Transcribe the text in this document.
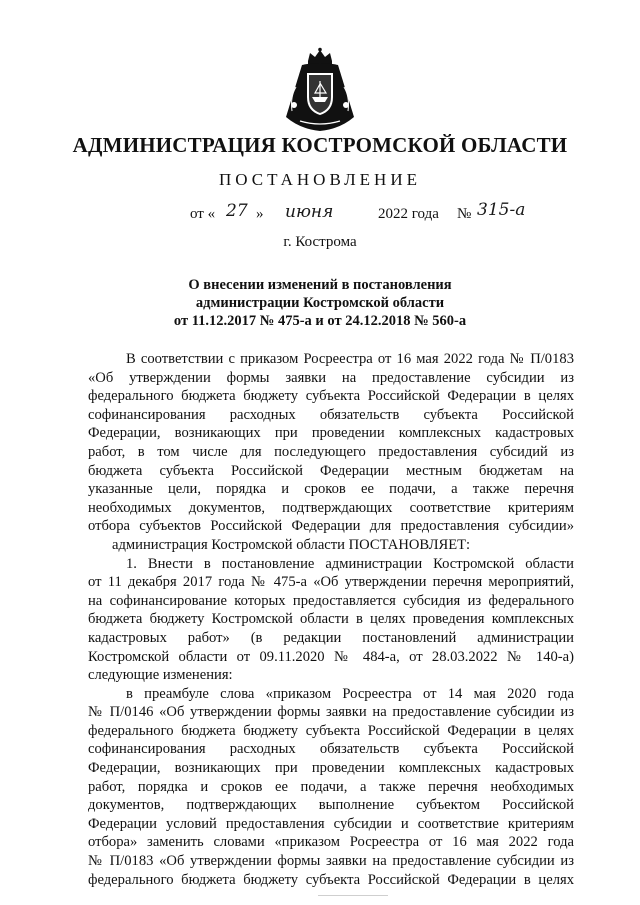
АДМИНИСТРАЦИЯ КОСТРОМСКОЙ ОБЛАСТИ
ПОСТАНОВЛЕНИЕ
от « 27 » июня	2022 года № 315-а
г. Кострома
О внесении изменений в постановления
администрации Костромской области
от 11.12.2017 № 475-а и от 24.12.2018 № 560-а

В соответствии с приказом Росреестра от 16 мая 2022 года № П/0183

«Об утверждении формы заявки на предоставление субсидии из

федерального бюджета бюджету субъекта Российской Федерации в целях

софинансирования расходных обязательств субъекта Российской

Федерации, возникающих при проведении комплексных кадастровых

работ, в том числе для последующего предоставления субсидий из

бюджета субъекта Российской Федерации местным бюджетам на

указанные цели, порядка и сроков ее подачи, а также перечня

необходимых документов, подтверждающих соответствие критериям

отбора субъектов Российской Федерации для предоставления субсидии»

администрация Костромской области ПОСТАНОВЛЯЕТ:

1. Внести в постановление администрации Костромской области

от 11 декабря 2017 года № 475-а «Об утверждении перечня мероприятий,

на софинансирование которых предоставляется субсидия из федерального

бюджета бюджету Костромской области в целях проведения комплексных

кадастровых работ» (в редакции постановлений администрации

Костромской области от 09.11.2020 № 484-а, от 28.03.2022 № 140-а)

следующие изменения:

в преамбуле слова «приказом Росреестра от 14 мая 2020 года

№ П/0146 «Об утверждении формы заявки на предоставление субсидии из

федерального бюджета бюджету субъекта Российской Федерации в целях

софинансирования расходных обязательств субъекта Российской

Федерации, возникающих при проведении комплексных кадастровых

работ, порядка и сроков ее подачи, а также перечня необходимых

документов, подтверждающих выполнение субъектом Российской

Федерации условий предоставления субсидии и соответствие критериям

отбора» заменить словами «приказом Росреестра от 16 мая 2022 года

№ П/0183 «Об утверждении формы заявки на предоставление субсидии из

федерального бюджета бюджету субъекта Российской Федерации в целях
